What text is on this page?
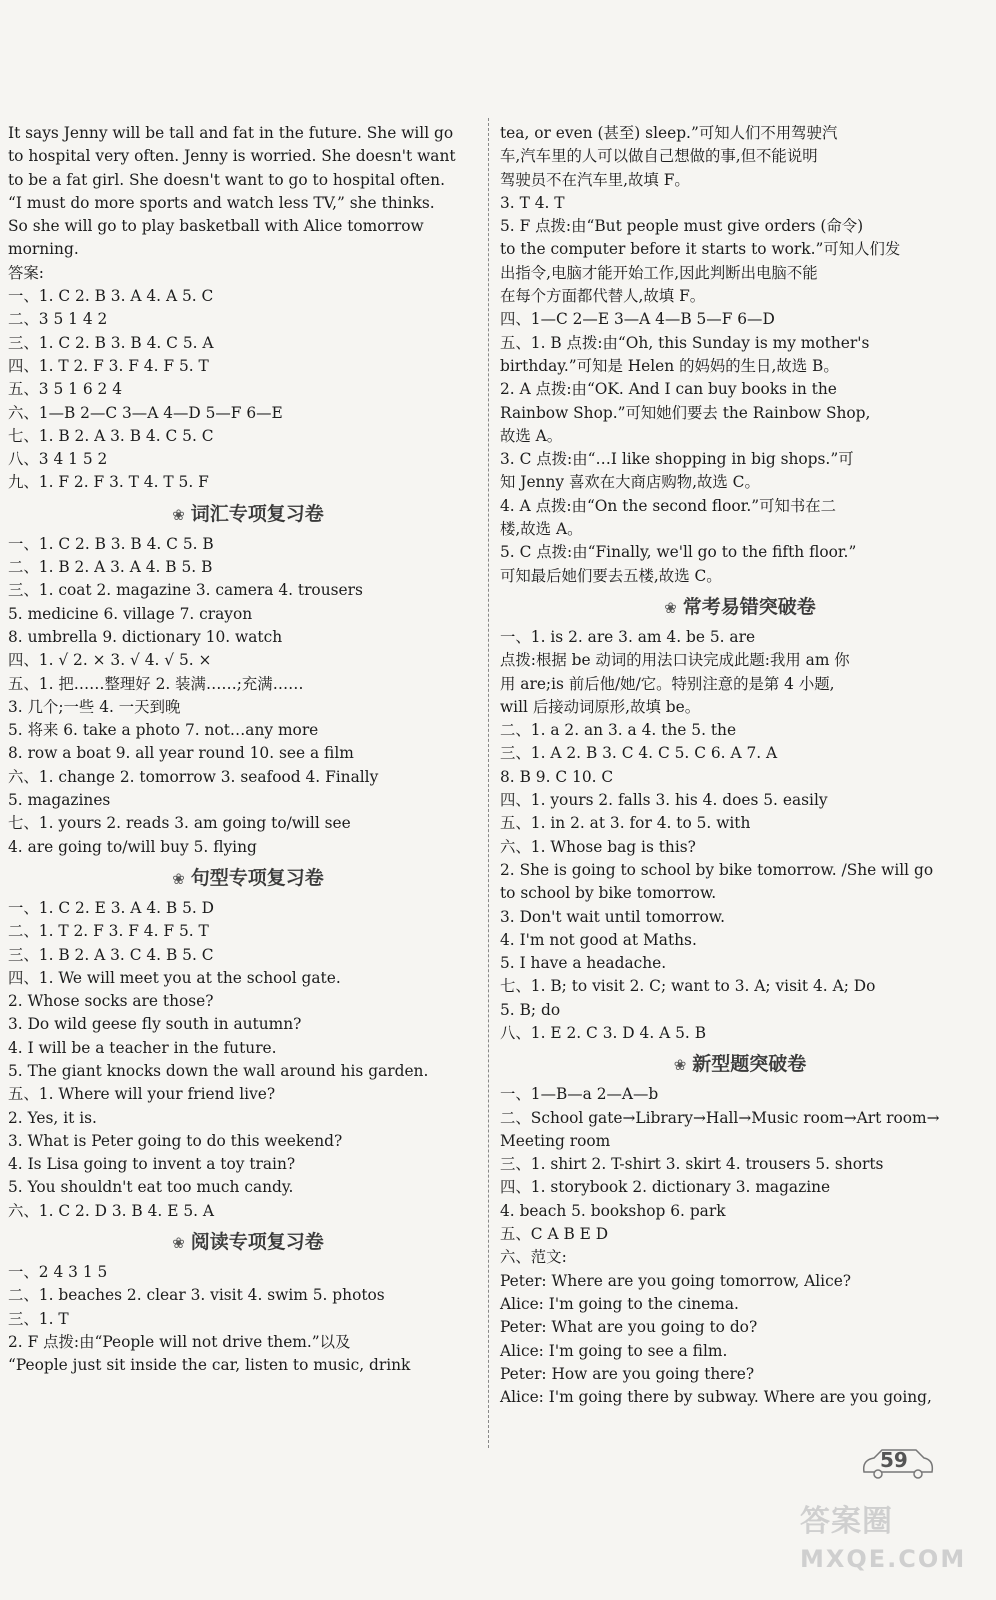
It says Jenny will be tall and fat in the future. She will go
to hospital very often. Jenny is worried. She doesn't want
to be a fat girl. She doesn't want to go to hospital often.
“I must do more sports and watch less TV,” she thinks.
So she will go to play basketball with Alice tomorrow
morning.
答案:
一、1. C 2. B 3. A 4. A 5. C
二、3 5 1 4 2
三、1. C 2. B 3. B 4. C 5. A
四、1. T 2. F 3. F 4. F 5. T
五、3 5 1 6 2 4
六、1—B 2—C 3—A 4—D 5—F 6—E
七、1. B 2. A 3. B 4. C 5. C
八、3 4 1 5 2
九、1. F 2. F 3. T 4. T 5. F
❀ 词汇专项复习卷
一、1. C 2. B 3. B 4. C 5. B
二、1. B 2. A 3. A 4. B 5. B
三、1. coat 2. magazine 3. camera 4. trousers
5. medicine 6. village 7. crayon
8. umbrella 9. dictionary 10. watch
四、1. √ 2. × 3. √ 4. √ 5. ×
五、1. 把……整理好 2. 装满……;充满……
3. 几个;一些 4. 一天到晚
5. 将来 6. take a photo 7. not…any more
8. row a boat 9. all year round 10. see a film
六、1. change 2. tomorrow 3. seafood 4. Finally
5. magazines
七、1. yours 2. reads 3. am going to/will see
4. are going to/will buy 5. flying
❀ 句型专项复习卷
一、1. C 2. E 3. A 4. B 5. D
二、1. T 2. F 3. F 4. F 5. T
三、1. B 2. A 3. C 4. B 5. C
四、1. We will meet you at the school gate.
2. Whose socks are those?
3. Do wild geese fly south in autumn?
4. I will be a teacher in the future.
5. The giant knocks down the wall around his garden.
五、1. Where will your friend live?
2. Yes, it is.
3. What is Peter going to do this weekend?
4. Is Lisa going to invent a toy train?
5. You shouldn't eat too much candy.
六、1. C 2. D 3. B 4. E 5. A
❀ 阅读专项复习卷
一、2 4 3 1 5
二、1. beaches 2. clear 3. visit 4. swim 5. photos
三、1. T
2. F 点拨:由“People will not drive them.”以及
“People just sit inside the car, listen to music, drink
tea, or even (甚至) sleep.”可知人们不用驾驶汽
车,汽车里的人可以做自己想做的事,但不能说明
驾驶员不在汽车里,故填 F。
3. T 4. T
5. F 点拨:由“But people must give orders (命令)
to the computer before it starts to work.”可知人们发
出指令,电脑才能开始工作,因此判断出电脑不能
在每个方面都代替人,故填 F。
四、1—C 2—E 3—A 4—B 5—F 6—D
五、1. B 点拨:由“Oh, this Sunday is my mother's
birthday.”可知是 Helen 的妈妈的生日,故选 B。
2. A 点拨:由“OK. And I can buy books in the
Rainbow Shop.”可知她们要去 the Rainbow Shop,
故选 A。
3. C 点拨:由“…I like shopping in big shops.”可
知 Jenny 喜欢在大商店购物,故选 C。
4. A 点拨:由“On the second floor.”可知书在二
楼,故选 A。
5. C 点拨:由“Finally, we'll go to the fifth floor.”
可知最后她们要去五楼,故选 C。
❀ 常考易错突破卷
一、1. is 2. are 3. am 4. be 5. are
点拨:根据 be 动词的用法口诀完成此题:我用 am 你
用 are;is 前后他/她/它。特别注意的是第 4 小题,
will 后接动词原形,故填 be。
二、1. a 2. an 3. a 4. the 5. the
三、1. A 2. B 3. C 4. C 5. C 6. A 7. A
8. B 9. C 10. C
四、1. yours 2. falls 3. his 4. does 5. easily
五、1. in 2. at 3. for 4. to 5. with
六、1. Whose bag is this?
2. She is going to school by bike tomorrow. /She will go
to school by bike tomorrow.
3. Don't wait until tomorrow.
4. I'm not good at Maths.
5. I have a headache.
七、1. B; to visit 2. C; want to 3. A; visit 4. A; Do
5. B; do
八、1. E 2. C 3. D 4. A 5. B
❀ 新型题突破卷
一、1—B—a 2—A—b
二、School gate→Library→Hall→Music room→Art room→
Meeting room
三、1. shirt 2. T-shirt 3. skirt 4. trousers 5. shorts
四、1. storybook 2. dictionary 3. magazine
4. beach 5. bookshop 6. park
五、C A B E D
六、范文:
Peter: Where are you going tomorrow, Alice?
Alice: I'm going to the cinema.
Peter: What are you going to do?
Alice: I'm going to see a film.
Peter: How are you going there?
Alice: I'm going there by subway. Where are you going,
59
答案圈
MXQE.COM
